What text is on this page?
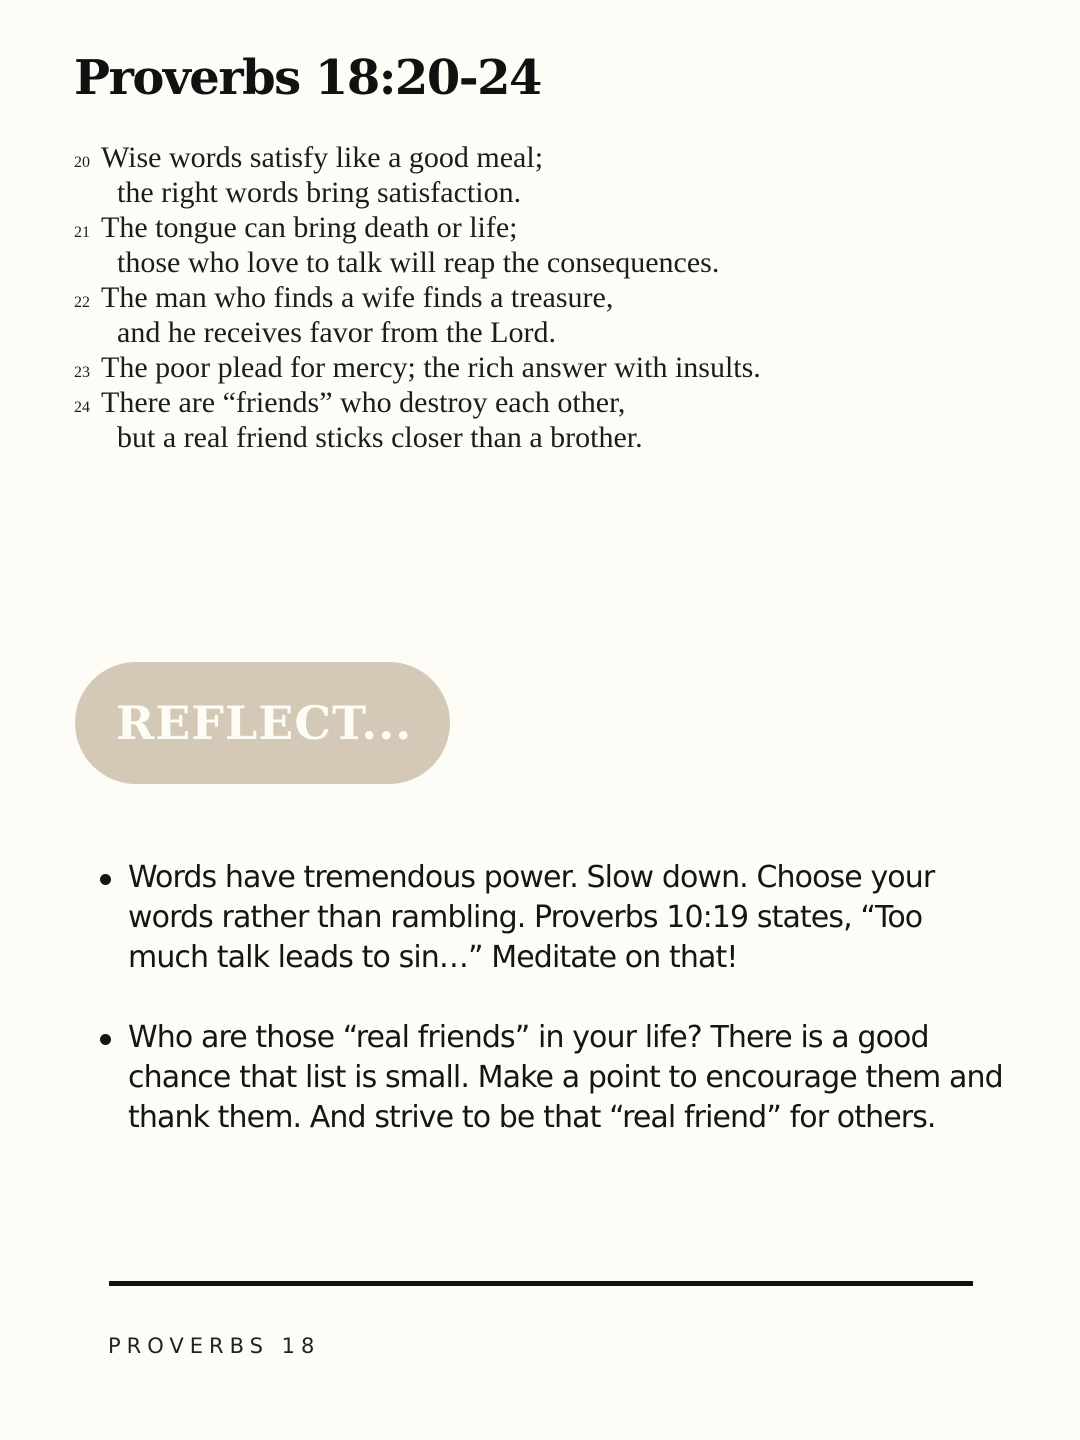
Proverbs 18:20-24
20 Wise words satisfy like a good meal;
the right words bring satisfaction.
21 The tongue can bring death or life;
those who love to talk will reap the consequences.
22 The man who finds a wife finds a treasure,
and he receives favor from the Lord.
23 The poor plead for mercy; the rich answer with insults.
24 There are “friends” who destroy each other,
but a real friend sticks closer than a brother.
REFLECT...
Words have tremendous power. Slow down. Choose your words rather than rambling. Proverbs 10:19 states, “Too much talk leads to sin…” Meditate on that!
Who are those “real friends” in your life? There is a good chance that list is small. Make a point to encourage them and thank them. And strive to be that “real friend” for others.
PROVERBS 18
